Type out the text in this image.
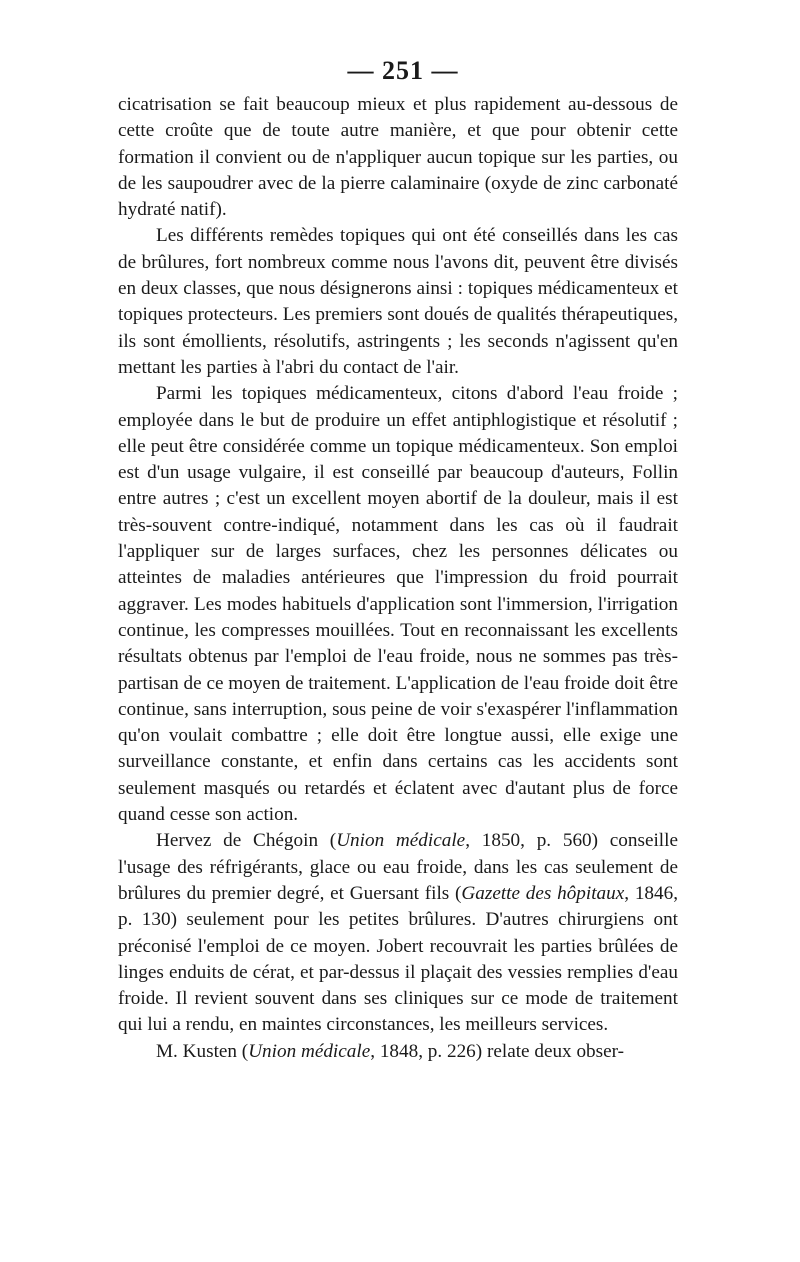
— 251 —

cicatrisation se fait beaucoup mieux et plus rapidement au-dessous de cette croûte que de toute autre manière, et que pour obtenir cette formation il convient ou de n'appliquer aucun topique sur les parties, ou de les saupoudrer avec de la pierre calaminaire (oxyde de zinc carbonaté hydraté natif).

Les différents remèdes topiques qui ont été conseillés dans les cas de brûlures, fort nombreux comme nous l'avons dit, peuvent être divisés en deux classes, que nous désignerons ainsi : topiques médicamenteux et topiques protecteurs. Les premiers sont doués de qualités thérapeutiques, ils sont émollients, résolutifs, astringents ; les seconds n'agissent qu'en mettant les parties à l'abri du contact de l'air.

Parmi les topiques médicamenteux, citons d'abord l'eau froide ; employée dans le but de produire un effet antiphlogistique et résolutif ; elle peut être considérée comme un topique médicamenteux. Son emploi est d'un usage vulgaire, il est conseillé par beaucoup d'auteurs, Follin entre autres ; c'est un excellent moyen abortif de la douleur, mais il est très-souvent contre-indiqué, notamment dans les cas où il faudrait l'appliquer sur de larges surfaces, chez les personnes délicates ou atteintes de maladies antérieures que l'impression du froid pourrait aggraver. Les modes habituels d'application sont l'immersion, l'irrigation continue, les compresses mouillées. Tout en reconnaissant les excellents résultats obtenus par l'emploi de l'eau froide, nous ne sommes pas très-partisan de ce moyen de traitement. L'application de l'eau froide doit être continue, sans interruption, sous peine de voir s'exaspérer l'inflammation qu'on voulait combattre ; elle doit être longtue aussi, elle exige une surveillance constante, et enfin dans certains cas les accidents sont seulement masqués ou retardés et éclatent avec d'autant plus de force quand cesse son action.

Hervez de Chégoin (Union médicale, 1850, p. 560) conseille l'usage des réfrigérants, glace ou eau froide, dans les cas seulement de brûlures du premier degré, et Guersant fils (Gazette des hôpitaux, 1846, p. 130) seulement pour les petites brûlures. D'autres chirurgiens ont préconisé l'emploi de ce moyen. Jobert recouvrait les parties brûlées de linges enduits de cérat, et par-dessus il plaçait des vessies remplies d'eau froide. Il revient souvent dans ses cliniques sur ce mode de traitement qui lui a rendu, en maintes circonstances, les meilleurs services.

M. Kusten (Union médicale, 1848, p. 226) relate deux obser-
